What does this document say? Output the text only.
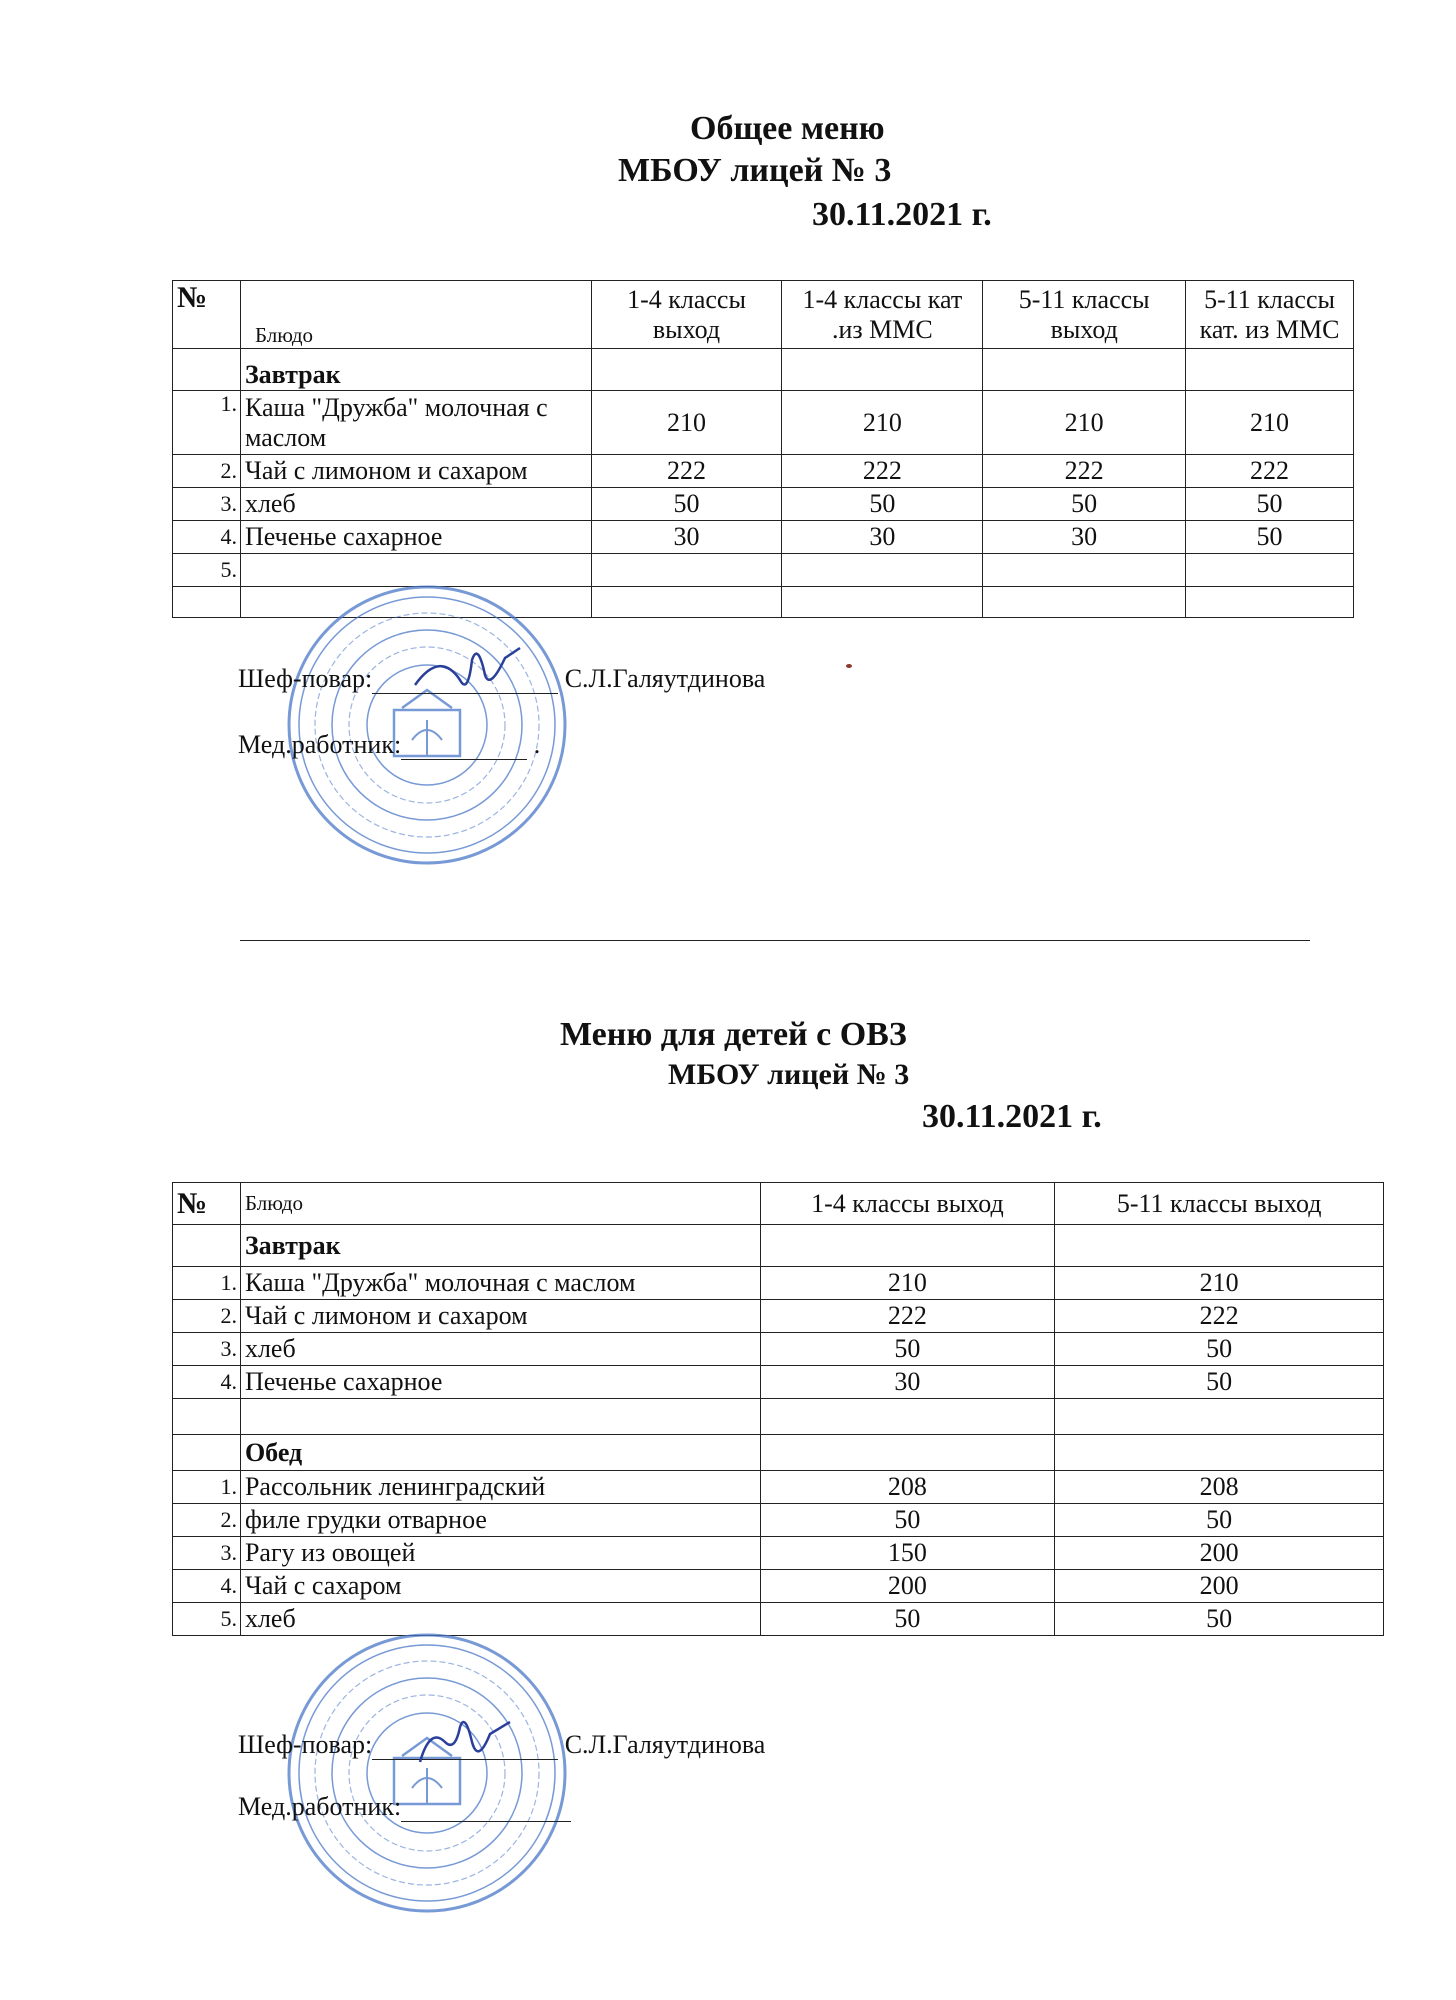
Общее меню
МБОУ лицей № 3
30.11.2021 г.
№	Блюдо	1-4 классы выход	1-4 классы кат .из ММС	5-11 классы выход	5-11 классы кат. из ММС
	Завтрак				
1.	Каша "Дружба" молочная с маслом	210	210	210	210
2.	Чай с лимоном и сахаром	222	222	222	222
3.	хлеб	50	50	50	50
4.	Печенье сахарное	30	30	30	50
5.					

Шеф-повар:	С.Л.Галяутдинова
Мед.работник:	.
Меню для детей с ОВЗ
МБОУ лицей № 3
30.11.2021 г.
№	Блюдо	1-4 классы выход	5-11 классы выход
	Завтрак		
1.	Каша "Дружба" молочная с маслом	210	210
2.	Чай с лимоном и сахаром	222	222
3.	хлеб	50	50
4.	Печенье сахарное	30	50

	Обед		
1.	Рассольник ленинградский	208	208
2.	филе грудки отварное	50	50
3.	Рагу из овощей	150	200
4.	Чай с сахаром	200	200
5.	хлеб	50	50
Шеф-повар:	С.Л.Галяутдинова
Мед.работник:
